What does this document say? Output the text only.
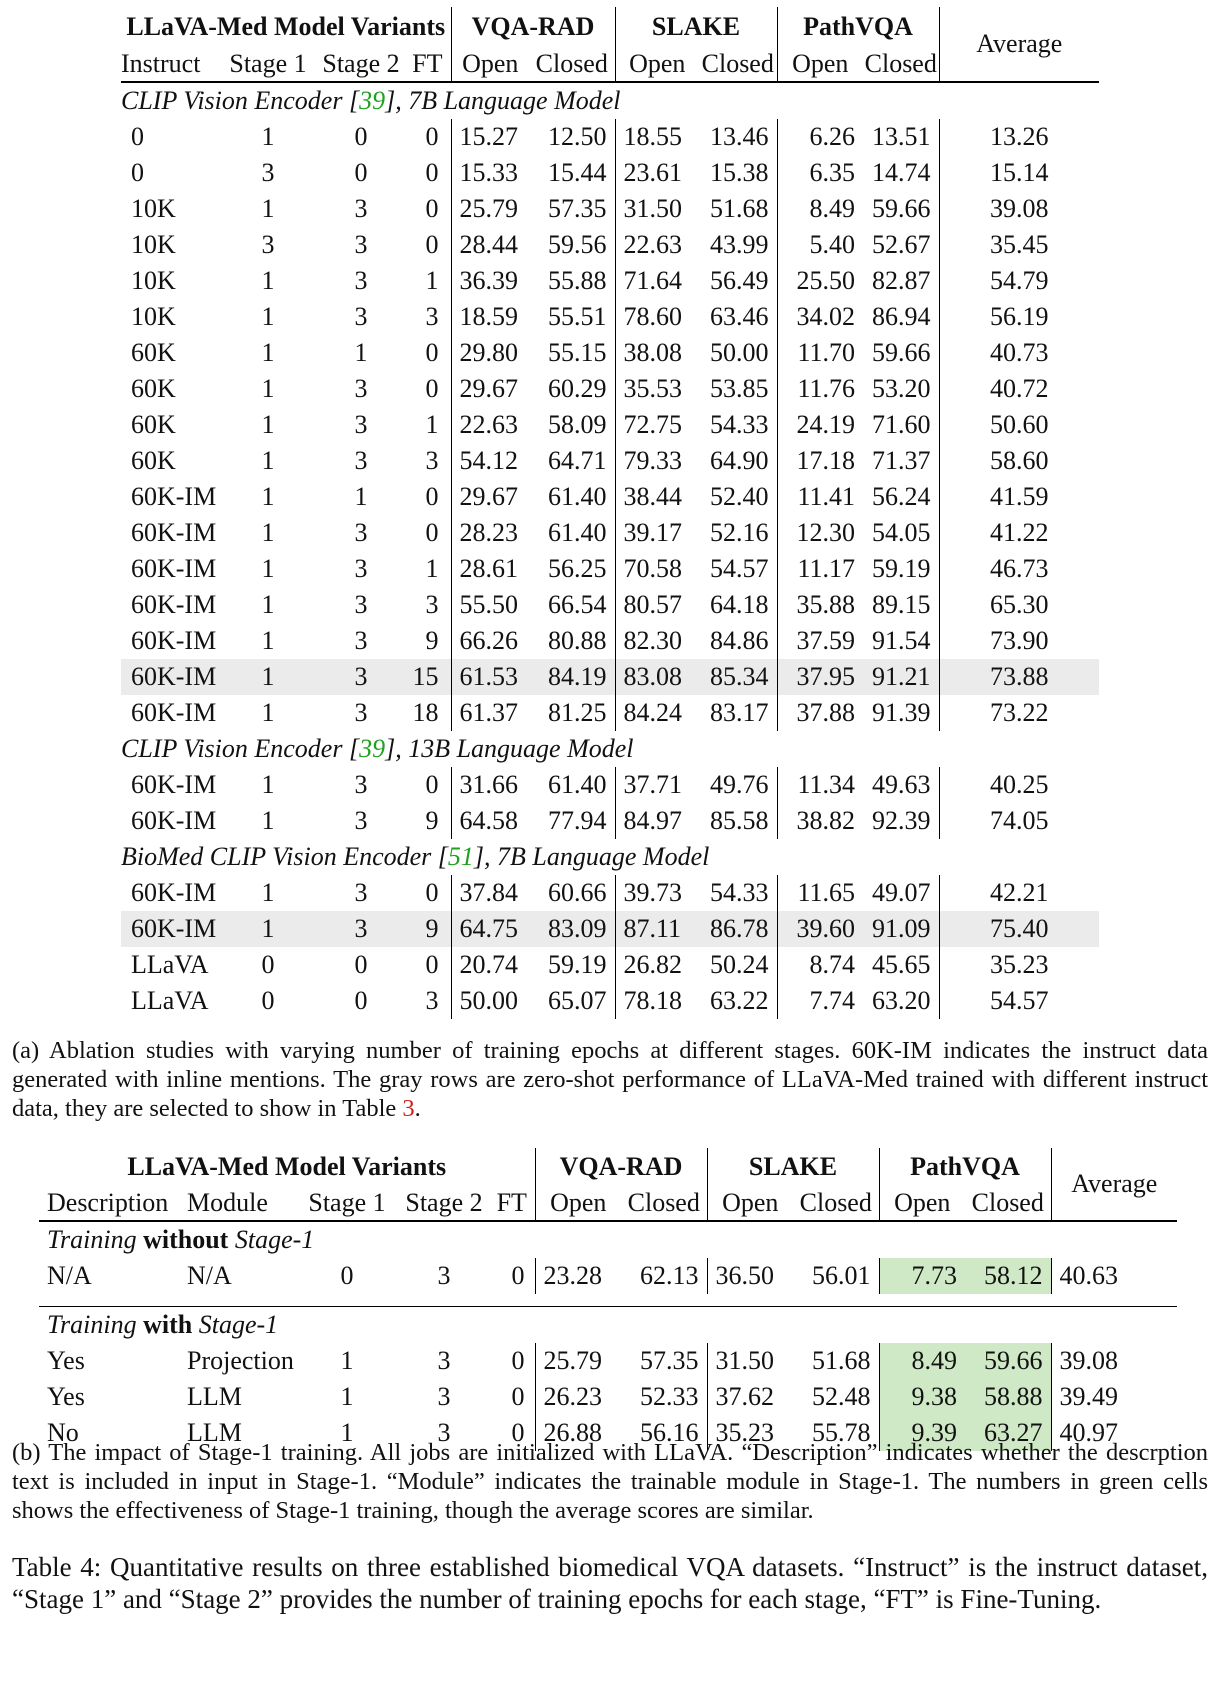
LLaVA-Med Model Variants				VQA-RAD		SLAKE		PathVQA		Average
Instruct	Stage 1	Stage 2	FT	Open	Closed	Open	Closed	Open	Closed	
CLIP Vision Encoder [39], 7B Language Model										
0	1	0	0	15.27	12.50	18.55	13.46	6.26	13.51	13.26
0	3	0	0	15.33	15.44	23.61	15.38	6.35	14.74	15.14
10K	1	3	0	25.79	57.35	31.50	51.68	8.49	59.66	39.08
10K	3	3	0	28.44	59.56	22.63	43.99	5.40	52.67	35.45
10K	1	3	1	36.39	55.88	71.64	56.49	25.50	82.87	54.79
10K	1	3	3	18.59	55.51	78.60	63.46	34.02	86.94	56.19
60K	1	1	0	29.80	55.15	38.08	50.00	11.70	59.66	40.73
60K	1	3	0	29.67	60.29	35.53	53.85	11.76	53.20	40.72
60K	1	3	1	22.63	58.09	72.75	54.33	24.19	71.60	50.60
60K	1	3	3	54.12	64.71	79.33	64.90	17.18	71.37	58.60
60K-IM	1	1	0	29.67	61.40	38.44	52.40	11.41	56.24	41.59
60K-IM	1	3	0	28.23	61.40	39.17	52.16	12.30	54.05	41.22
60K-IM	1	3	1	28.61	56.25	70.58	54.57	11.17	59.19	46.73
60K-IM	1	3	3	55.50	66.54	80.57	64.18	35.88	89.15	65.30
60K-IM	1	3	9	66.26	80.88	82.30	84.86	37.59	91.54	73.90
60K-IM	1	3	15	61.53	84.19	83.08	85.34	37.95	91.21	73.88
60K-IM	1	3	18	61.37	81.25	84.24	83.17	37.88	91.39	73.22
CLIP Vision Encoder [39], 13B Language Model										
60K-IM	1	3	0	31.66	61.40	37.71	49.76	11.34	49.63	40.25
60K-IM	1	3	9	64.58	77.94	84.97	85.58	38.82	92.39	74.05
BioMed CLIP Vision Encoder [51], 7B Language Model										
60K-IM	1	3	0	37.84	60.66	39.73	54.33	11.65	49.07	42.21
60K-IM	1	3	9	64.75	83.09	87.11	86.78	39.60	91.09	75.40
LLaVA	0	0	0	20.74	59.19	26.82	50.24	8.74	45.65	35.23
LLaVA	0	0	3	50.00	65.07	78.18	63.22	7.74	63.20	54.57
(a) Ablation studies with varying number of training epochs at different stages. 60K-IM indicates the instruct data generated with inline mentions. The gray rows are zero-shot performance of LLaVA-Med trained with different instruct data, they are selected to show in Table 3.
LLaVA-Med Model Variants					VQA-RAD		SLAKE		PathVQA		Average
Description	Module	Stage 1	Stage 2	FT	Open	Closed	Open	Closed	Open	Closed	
Training without Stage-1											
N/A	N/A	0	3	0	23.28	62.13	36.50	56.01	7.73	58.12	40.63

Training with Stage-1											
Yes	Projection	1	3	0	25.79	57.35	31.50	51.68	8.49	59.66	39.08
Yes	LLM	1	3	0	26.23	52.33	37.62	52.48	9.38	58.88	39.49
No	LLM	1	3	0	26.88	56.16	35.23	55.78	9.39	63.27	40.97
(b) The impact of Stage-1 training. All jobs are initialized with LLaVA. “Description” indicates whether the descrption text is included in input in Stage-1. “Module” indicates the trainable module in Stage-1. The numbers in green cells shows the effectiveness of Stage-1 training, though the average scores are similar.
Table 4: Quantitative results on three established biomedical VQA datasets. “Instruct” is the instruct dataset, “Stage 1” and “Stage 2” provides the number of training epochs for each stage, “FT” is Fine-Tuning.
